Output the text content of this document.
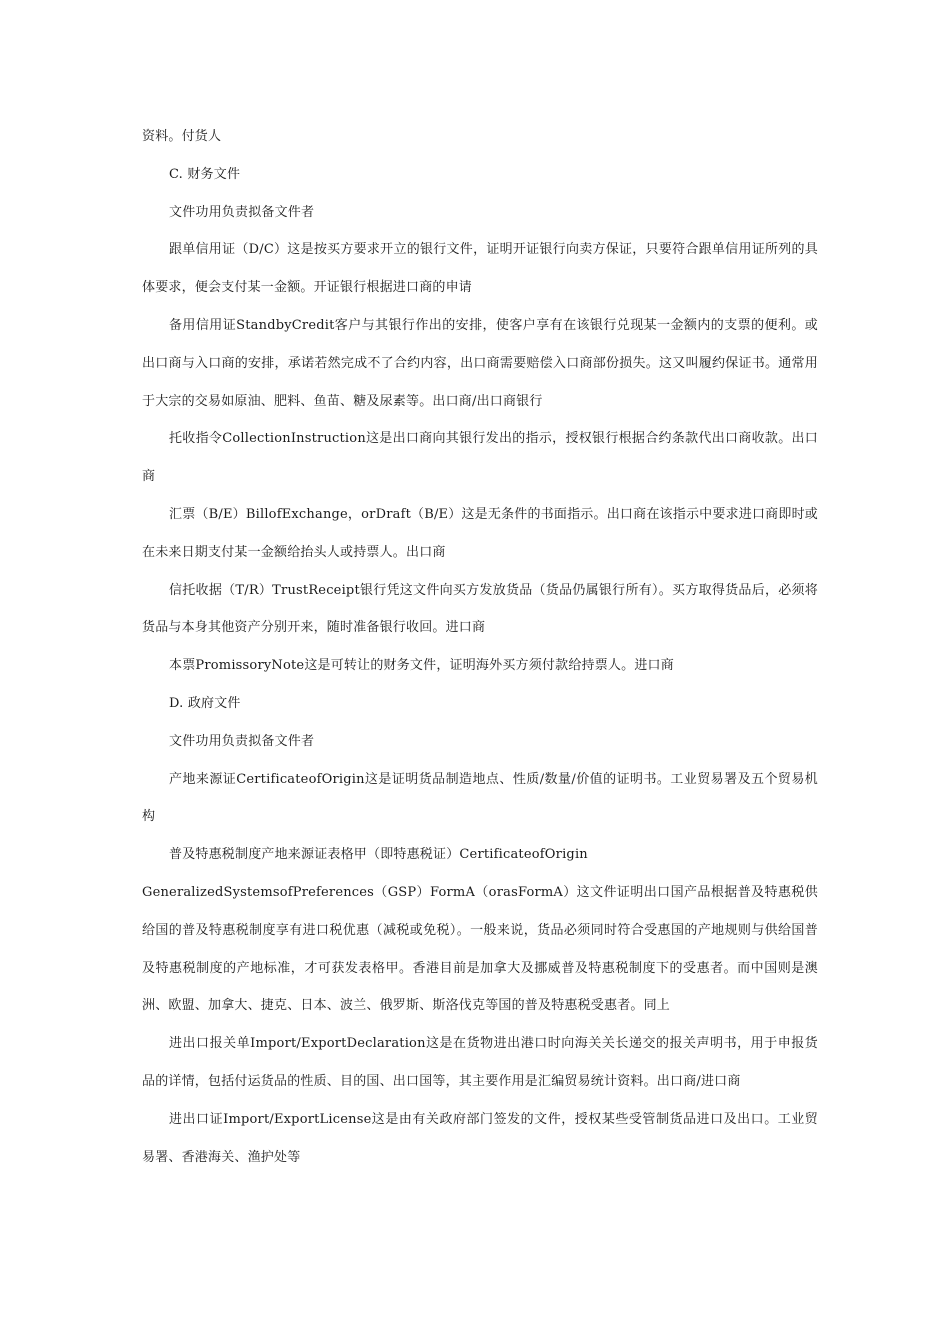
资料。付货人

C. 财务文件

文件功用负责拟备文件者

跟单信用证（D/C）这是按买方要求开立的银行文件，证明开证银行向卖方保证，只要符合跟单信用证所列的具体要求，便会支付某一金额。开证银行根据进口商的申请

备用信用证StandbyCredit客户与其银行作出的安排，使客户享有在该银行兑现某一金额内的支票的便利。或出口商与入口商的安排，承诺若然完成不了合约内容，出口商需要赔偿入口商部份损失。这又叫履约保证书。通常用于大宗的交易如原油、肥料、鱼苗、糖及尿素等。出口商/出口商银行

托收指令CollectionInstruction这是出口商向其银行发出的指示，授权银行根据合约条款代出口商收款。出口商

汇票（B/E）BillofExchange，orDraft（B/E）这是无条件的书面指示。出口商在该指示中要求进口商即时或在未来日期支付某一金额给抬头人或持票人。出口商

信托收据（T/R）TrustReceipt银行凭这文件向买方发放货品（货品仍属银行所有）。买方取得货品后，必须将货品与本身其他资产分别开来，随时准备银行收回。进口商

本票PromissoryNote这是可转让的财务文件，证明海外买方须付款给持票人。进口商

D. 政府文件

文件功用负责拟备文件者

产地来源证CertificateofOrigin这是证明货品制造地点、性质/数量/价值的证明书。工业贸易署及五个贸易机构

普及特惠税制度产地来源证表格甲（即特惠税证）CertificateofOrigin

GeneralizedSystemsofPreferences（GSP）FormA（orasFormA）这文件证明出口国产品根据普及特惠税供给国的普及特惠税制度享有进口税优惠（减税或免税）。一般来说，货品必须同时符合受惠国的产地规则与供给国普及特惠税制度的产地标准，才可获发表格甲。香港目前是加拿大及挪威普及特惠税制度下的受惠者。而中国则是澳洲、欧盟、加拿大、捷克、日本、波兰、俄罗斯、斯洛伐克等国的普及特惠税受惠者。同上

进出口报关单Import/ExportDeclaration这是在货物进出港口时向海关关长递交的报关声明书，用于申报货品的详情，包括付运货品的性质、目的国、出口国等，其主要作用是汇编贸易统计资料。出口商/进口商

进出口证Import/ExportLicense这是由有关政府部门签发的文件，授权某些受管制货品进口及出口。工业贸易署、香港海关、渔护处等
